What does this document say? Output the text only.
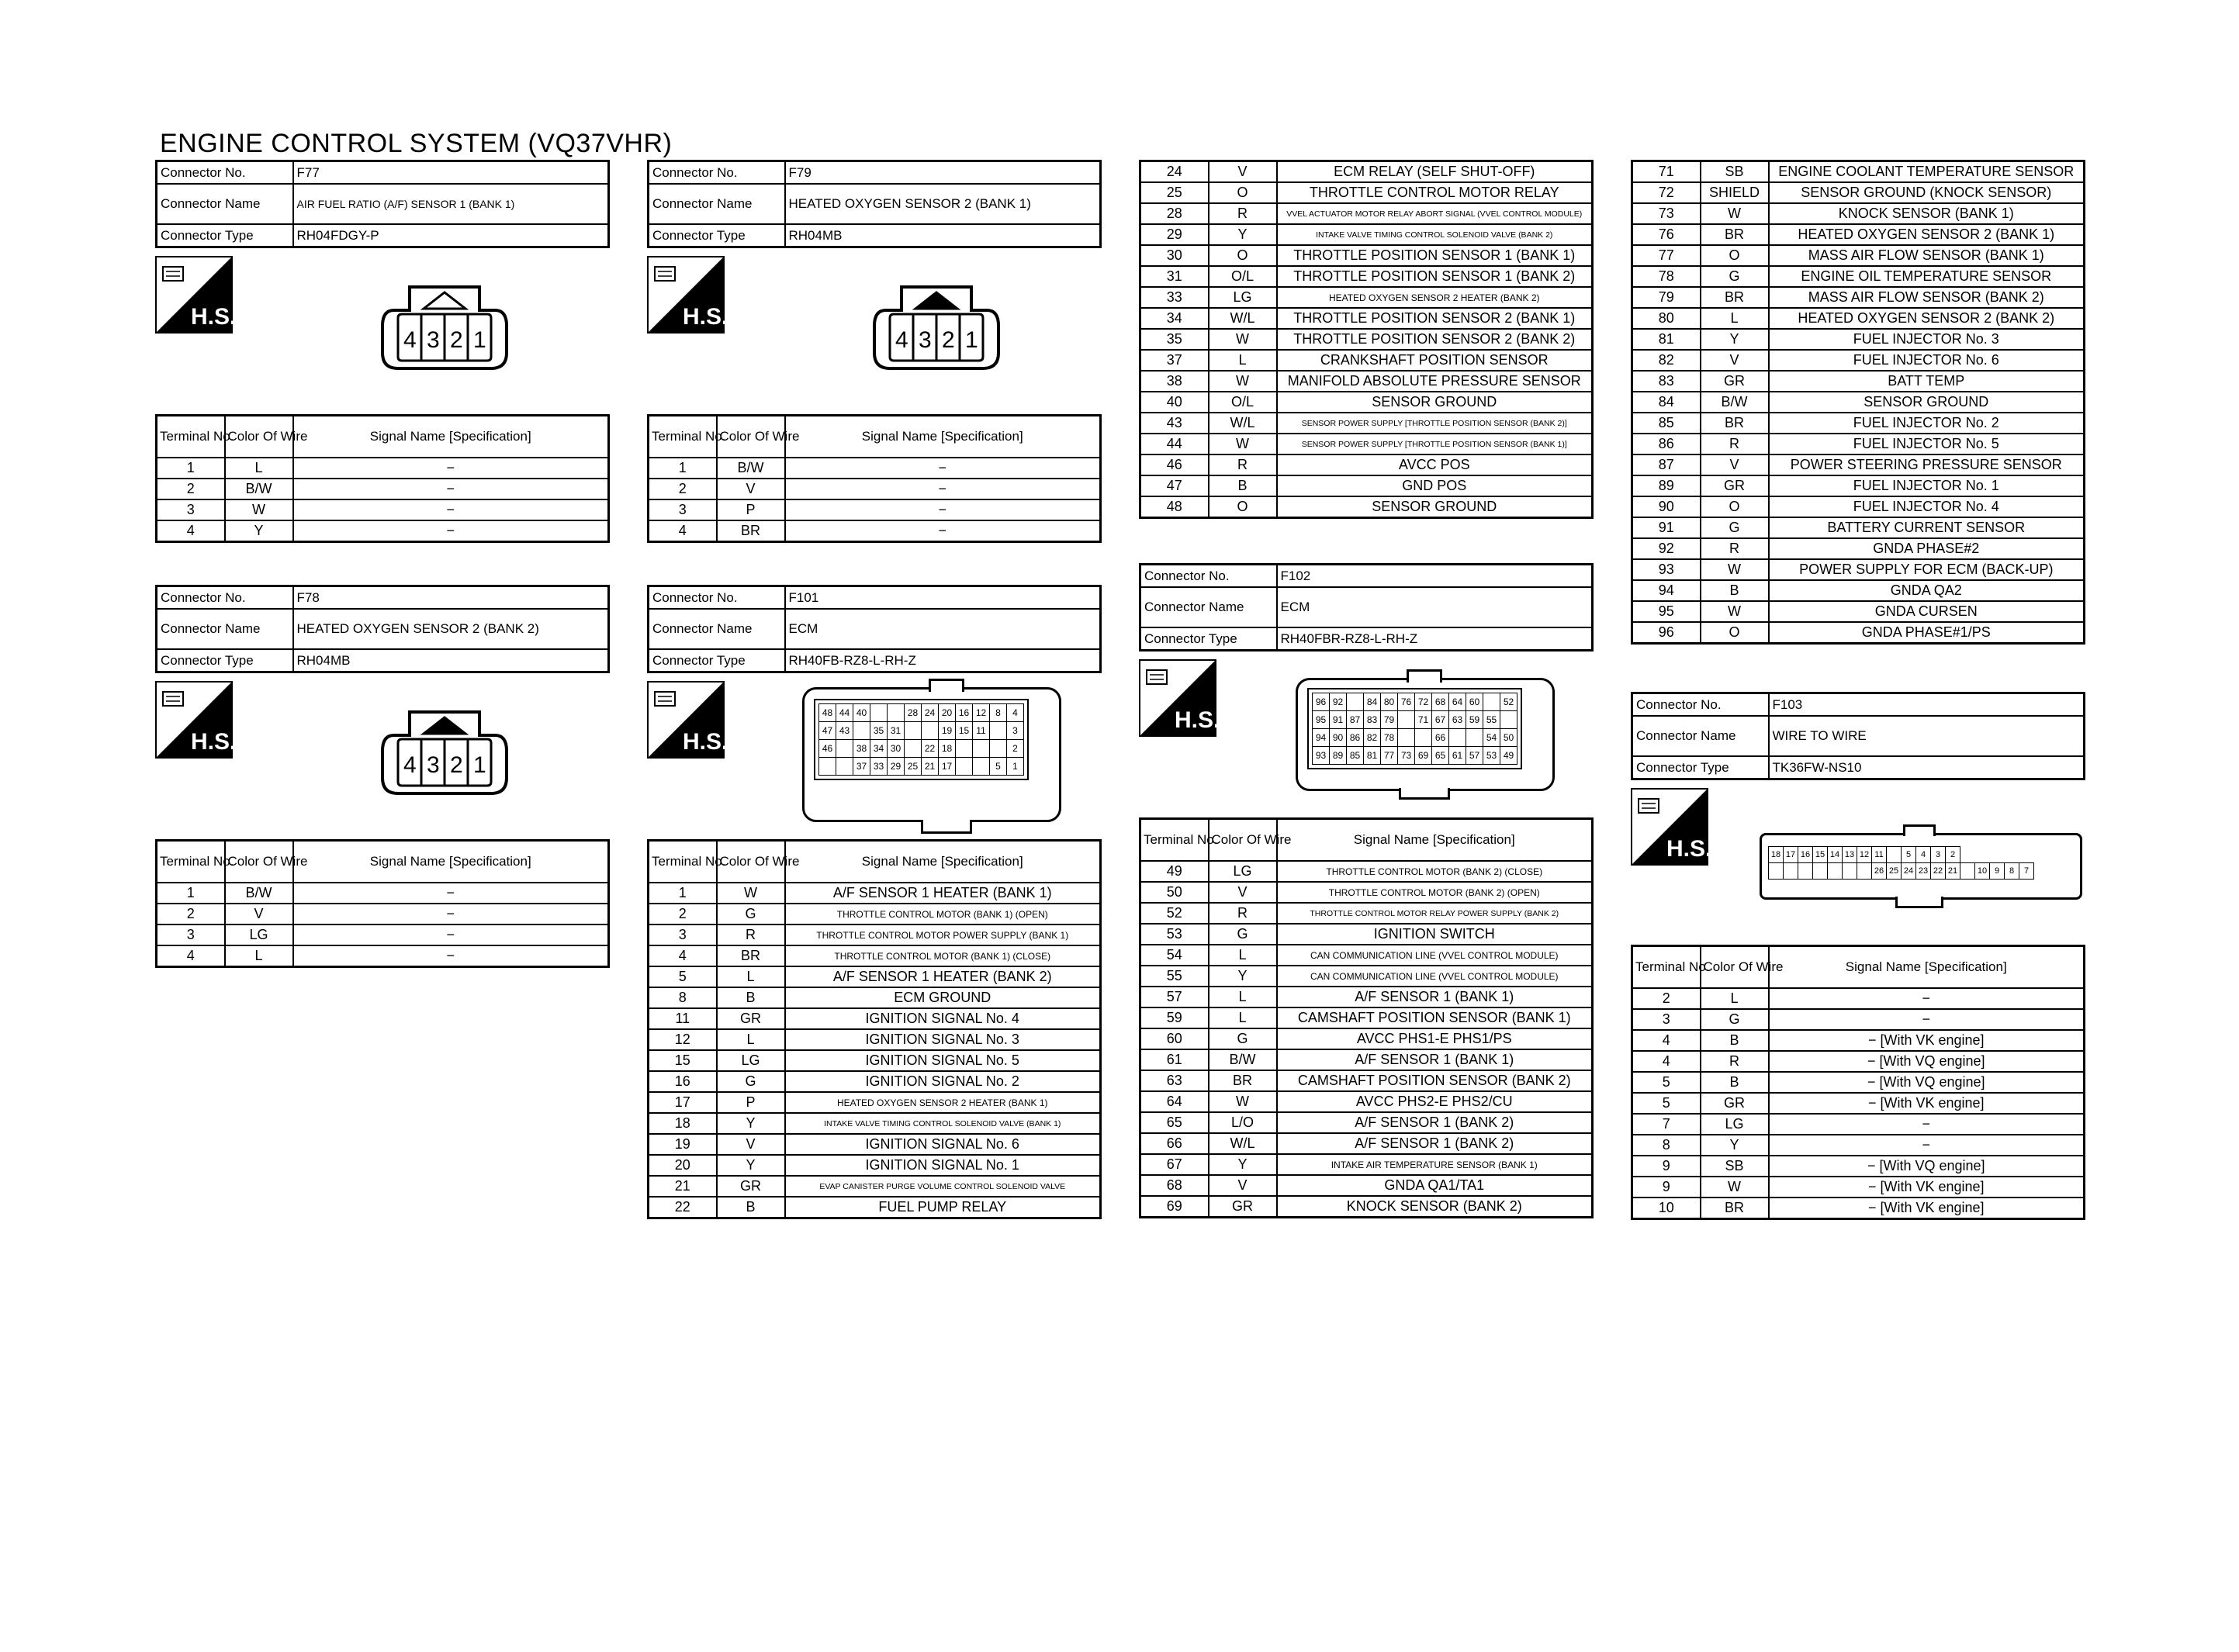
ENGINE CONTROL SYSTEM (VQ37VHR)
Connector No.	F77
Connector Name	AIR FUEL RATIO (A/F) SENSOR 1 (BANK 1)
Connector Type	RH04FDGY-P
H.S.
4 3 2 1
Terminal No.	Color Of Wire	Signal Name [Specification]
1	L	−
2	B/W	−
3	W	−
4	Y	−
Connector No.	F79
Connector Name	HEATED OXYGEN SENSOR 2 (BANK 1)
Connector Type	RH04MB
H.S.
4 3 2 1
Terminal No.	Color Of Wire	Signal Name [Specification]
1	B/W	−
2	V	−
3	P	−
4	BR	−
Connector No.	F78
Connector Name	HEATED OXYGEN SENSOR 2 (BANK 2)
Connector Type	RH04MB
H.S.
4 3 2 1
Terminal No.	Color Of Wire	Signal Name [Specification]
1	B/W	−
2	V	−
3	LG	−
4	L	−
Connector No.	F101
Connector Name	ECM
Connector Type	RH40FB-RZ8-L-RH-Z
H.S.
48	44	40			28	24	20	16	12	8	4
47	43		35	31			19	15	11		3
46		38	34	30		22	18				2
		37	33	29	25	21	17			5	1
Terminal No.	Color Of Wire	Signal Name [Specification]
1	W	A/F SENSOR 1 HEATER (BANK 1)
2	G	THROTTLE CONTROL MOTOR (BANK 1) (OPEN)
3	R	THROTTLE CONTROL MOTOR POWER SUPPLY (BANK 1)
4	BR	THROTTLE CONTROL MOTOR (BANK 1) (CLOSE)
5	L	A/F SENSOR 1 HEATER (BANK 2)
8	B	ECM GROUND
11	GR	IGNITION SIGNAL No. 4
12	L	IGNITION SIGNAL No. 3
15	LG	IGNITION SIGNAL No. 5
16	G	IGNITION SIGNAL No. 2
17	P	HEATED OXYGEN SENSOR 2 HEATER (BANK 1)
18	Y	INTAKE VALVE TIMING CONTROL SOLENOID VALVE (BANK 1)
19	V	IGNITION SIGNAL No. 6
20	Y	IGNITION SIGNAL No. 1
21	GR	EVAP CANISTER PURGE VOLUME CONTROL SOLENOID VALVE
22	B	FUEL PUMP RELAY
24	V	ECM RELAY (SELF SHUT-OFF)
25	O	THROTTLE CONTROL MOTOR RELAY
28	R	VVEL ACTUATOR MOTOR RELAY ABORT SIGNAL (VVEL CONTROL MODULE)
29	Y	INTAKE VALVE TIMING CONTROL SOLENOID VALVE (BANK 2)
30	O	THROTTLE POSITION SENSOR 1 (BANK 1)
31	O/L	THROTTLE POSITION SENSOR 1 (BANK 2)
33	LG	HEATED OXYGEN SENSOR 2 HEATER (BANK 2)
34	W/L	THROTTLE POSITION SENSOR 2 (BANK 1)
35	W	THROTTLE POSITION SENSOR 2 (BANK 2)
37	L	CRANKSHAFT POSITION SENSOR
38	W	MANIFOLD ABSOLUTE PRESSURE SENSOR
40	O/L	SENSOR GROUND
43	W/L	SENSOR POWER SUPPLY [THROTTLE POSITION SENSOR (BANK 2)]
44	W	SENSOR POWER SUPPLY [THROTTLE POSITION SENSOR (BANK 1)]
46	R	AVCC POS
47	B	GND POS
48	O	SENSOR GROUND
Connector No.	F102
Connector Name	ECM
Connector Type	RH40FBR-RZ8-L-RH-Z
H.S.
96	92		84	80	76	72	68	64	60		52
95	91	87	83	79		71	67	63	59	55	
94	90	86	82	78			66			54	50
93	89	85	81	77	73	69	65	61	57	53	49
Terminal No.	Color Of Wire	Signal Name [Specification]
49	LG	THROTTLE CONTROL MOTOR (BANK 2) (CLOSE)
50	V	THROTTLE CONTROL MOTOR (BANK 2) (OPEN)
52	R	THROTTLE CONTROL MOTOR RELAY POWER SUPPLY (BANK 2)
53	G	IGNITION SWITCH
54	L	CAN COMMUNICATION LINE (VVEL CONTROL MODULE)
55	Y	CAN COMMUNICATION LINE (VVEL CONTROL MODULE)
57	L	A/F SENSOR 1 (BANK 1)
59	L	CAMSHAFT POSITION SENSOR (BANK 1)
60	G	AVCC PHS1-E PHS1/PS
61	B/W	A/F SENSOR 1 (BANK 1)
63	BR	CAMSHAFT POSITION SENSOR (BANK 2)
64	W	AVCC PHS2-E PHS2/CU
65	L/O	A/F SENSOR 1 (BANK 2)
66	W/L	A/F SENSOR 1 (BANK 2)
67	Y	INTAKE AIR TEMPERATURE SENSOR (BANK 1)
68	V	GNDA QA1/TA1
69	GR	KNOCK SENSOR (BANK 2)
71	SB	ENGINE COOLANT TEMPERATURE SENSOR
72	SHIELD	SENSOR GROUND (KNOCK SENSOR)
73	W	KNOCK SENSOR (BANK 1)
76	BR	HEATED OXYGEN SENSOR 2 (BANK 1)
77	O	MASS AIR FLOW SENSOR (BANK 1)
78	G	ENGINE OIL TEMPERATURE SENSOR
79	BR	MASS AIR FLOW SENSOR (BANK 2)
80	L	HEATED OXYGEN SENSOR 2 (BANK 2)
81	Y	FUEL INJECTOR No. 3
82	V	FUEL INJECTOR No. 6
83	GR	BATT TEMP
84	B/W	SENSOR GROUND
85	BR	FUEL INJECTOR No. 2
86	R	FUEL INJECTOR No. 5
87	V	POWER STEERING PRESSURE SENSOR
89	GR	FUEL INJECTOR No. 1
90	O	FUEL INJECTOR No. 4
91	G	BATTERY CURRENT SENSOR
92	R	GNDA PHASE#2
93	W	POWER SUPPLY FOR ECM (BACK-UP)
94	B	GNDA QA2
95	W	GNDA CURSEN
96	O	GNDA PHASE#1/PS
Connector No.	F103
Connector Name	WIRE TO WIRE
Connector Type	TK36FW-NS10
H.S.	18	17	16	15	14	13	12	11		5	4	3	2					
							26	25	24	23	22	21		10	9	8	7
Terminal No.	Color Of Wire	Signal Name [Specification]
2	L	−
3	G	−
4	B	− [With VK engine]
4	R	− [With VQ engine]
5	B	− [With VQ engine]
5	GR	− [With VK engine]
7	LG	−
8	Y	−
9	SB	− [With VQ engine]
9	W	− [With VK engine]
10	BR	− [With VK engine]
